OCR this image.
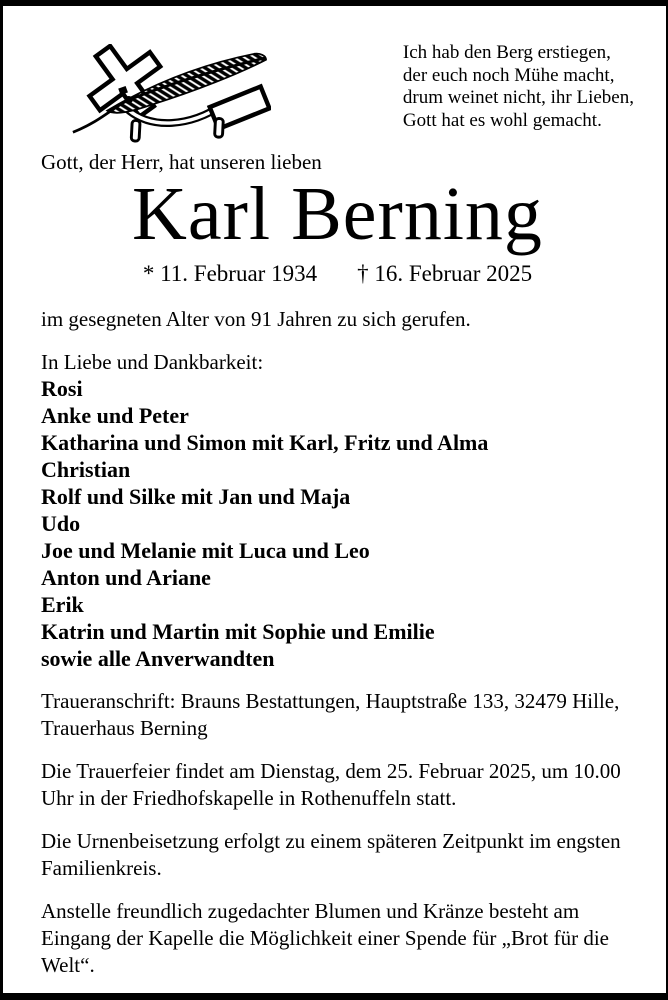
Ich hab den Berg erstiegen,
der euch noch Mühe macht,
drum weinet nicht, ihr Lieben,
Gott hat es wohl gemacht.
Gott, der Herr, hat unseren lieben
Karl Berning
* 11. Februar 1934 † 16. Februar 2025
im gesegneten Alter von 91 Jahren zu sich gerufen.
In Liebe und Dankbarkeit:
Rosi
Anke und Peter
Katharina und Simon mit Karl, Fritz und Alma
Christian
Rolf und Silke mit Jan und Maja
Udo
Joe und Melanie mit Luca und Leo
Anton und Ariane
Erik
Katrin und Martin mit Sophie und Emilie
sowie alle Anverwandten

Traueranschrift: Brauns Bestattungen, Hauptstraße 133, 32479 Hille, Trauerhaus Berning

Die Trauerfeier findet am Dienstag, dem 25. Februar 2025, um 10.00 Uhr in der Friedhofskapelle in Rothenuffeln statt.

Die Urnenbeisetzung erfolgt zu einem späteren Zeitpunkt im engsten Familienkreis.

Anstelle freundlich zugedachter Blumen und Kränze besteht am Eingang der Kapelle die Möglichkeit einer Spende für „Brot für die Welt“.
